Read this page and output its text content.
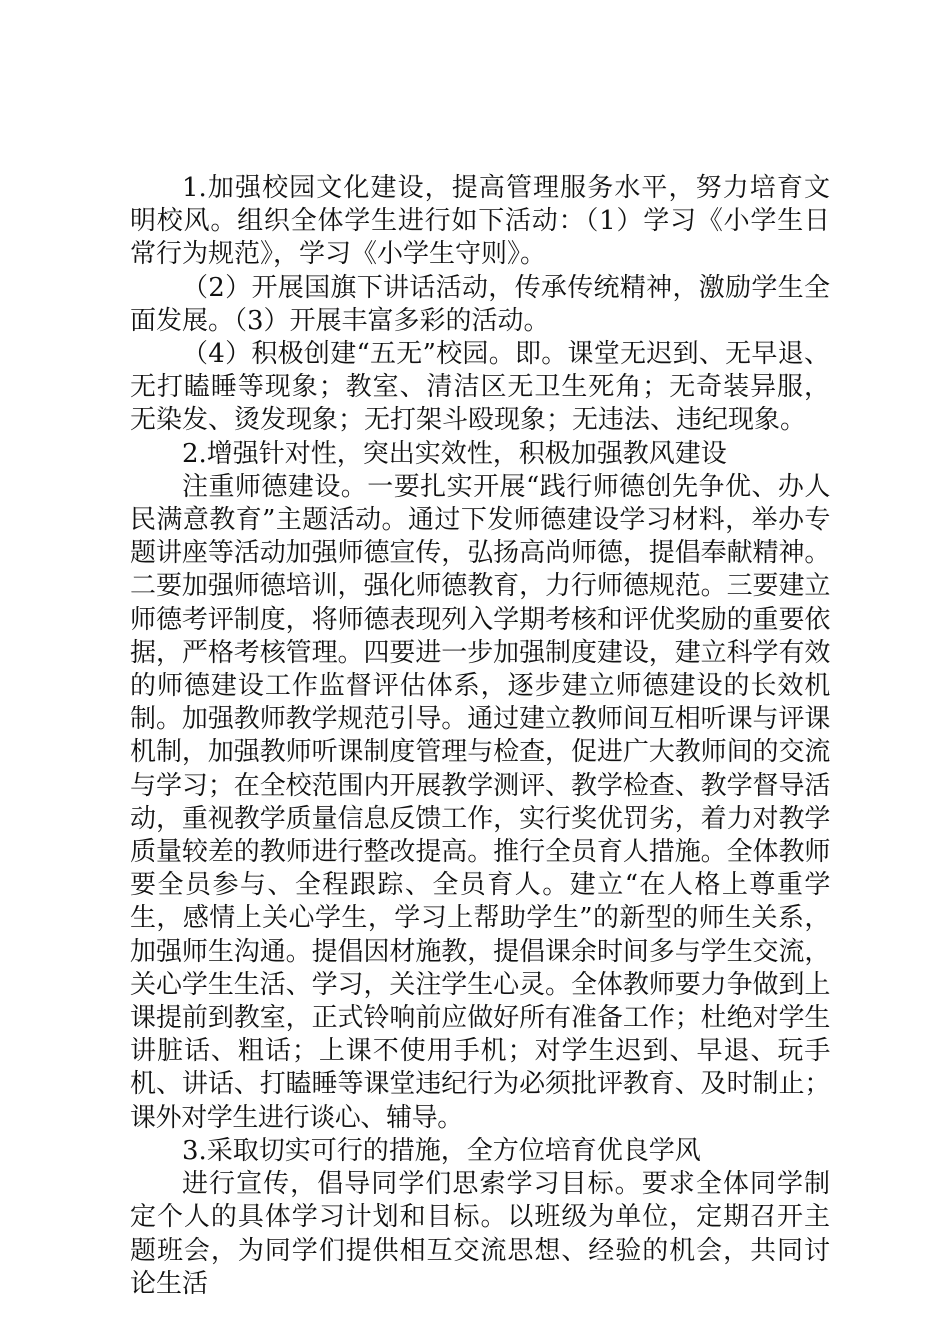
1.加强校园文化建设，提高管理服务水平，努力培育文明校风。组织全体学生进行如下活动：（1）学习《小学生日常行为规范》，学习《小学生守则》。

（2）开展国旗下讲话活动，传承传统精神，激励学生全面发展。（3）开展丰富多彩的活动。

（4）积极创建“五无”校园。即。课堂无迟到、无早退、无打瞌睡等现象；教室、清洁区无卫生死角；无奇装异服，无染发、烫发现象；无打架斗殴现象；无违法、违纪现象。

2.增强针对性，突出实效性，积极加强教风建设

注重师德建设。一要扎实开展“践行师德创先争优、办人民满意教育”主题活动。通过下发师德建设学习材料，举办专题讲座等活动加强师德宣传，弘扬高尚师德，提倡奉献精神。二要加强师德培训，强化师德教育，力行师德规范。三要建立师德考评制度，将师德表现列入学期考核和评优奖励的重要依据，严格考核管理。四要进一步加强制度建设，建立科学有效的师德建设工作监督评估体系，逐步建立师德建设的长效机制。加强教师教学规范引导。通过建立教师间互相听课与评课机制，加强教师听课制度管理与检查，促进广大教师间的交流与学习；在全校范围内开展教学测评、教学检查、教学督导活动，重视教学质量信息反馈工作，实行奖优罚劣，着力对教学质量较差的教师进行整改提高。推行全员育人措施。全体教师要全员参与、全程跟踪、全员育人。建立“在人格上尊重学生，感情上关心学生，学习上帮助学生”的新型的师生关系，加强师生沟通。提倡因材施教，提倡课余时间多与学生交流，关心学生生活、学习，关注学生心灵。全体教师要力争做到上课提前到教室，正式铃响前应做好所有准备工作；杜绝对学生讲脏话、粗话；上课不使用手机；对学生迟到、早退、玩手机、讲话、打瞌睡等课堂违纪行为必须批评教育、及时制止；课外对学生进行谈心、辅导。

3.采取切实可行的措施，全方位培育优良学风

进行宣传，倡导同学们思索学习目标。要求全体同学制定个人的具体学习计划和目标。以班级为单位，定期召开主题班会，为同学们提供相互交流思想、经验的机会，共同讨论生活
